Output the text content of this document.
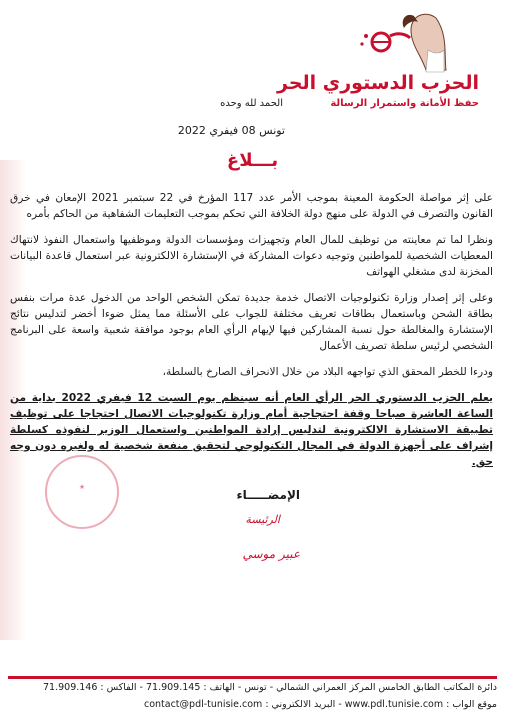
الحزب الدستوري الحر
حفظ الأمانة واستمرار الرسالة
الحمد لله وحده
تونس 08 فيفري 2022
بـــلاغ

على إثر مواصلة الحكومة المعينة بموجب الأمر عدد 117 المؤرخ في 22 سبتمبر 2021 الإمعان في خرق القانون والتصرف في الدولة على منهج دولة الخلافة التي تحكم بموجب التعليمات الشفاهية من الحاكم بأمره

ونظرا لما تم معاينته من توظيف للمال العام وتجهيزات ومؤسسات الدولة وموظفيها واستعمال النفوذ لانتهاك المعطيات الشخصية للمواطنين وتوجيه دعوات المشاركة في الإستشارة الالكترونية عبر استعمال قاعدة البيانات المخزنة لدى مشغلي الهواتف

وعلى إثر إصدار وزارة تكنولوجيات الاتصال خدمة جديدة تمكن الشخص الواحد من الدخول عدة مرات بنفس بطاقة الشحن وباستعمال بطاقات تعريف مختلفة للجواب على الأسئلة مما يمثل ضوءا أخضر لتدليس نتائج الإستشارة والمغالطة حول نسبة المشاركين فيها لإيهام الرأي العام بوجود موافقة شعبية واسعة على البرنامج الشخصي لرئيس سلطة تصريف الأعمال

ودرءا للخطر المحقق الذي تواجهه البلاد من خلال الانحراف الصارخ بالسلطة،

يعلم الحزب الدستوري الحر الرأي العام أنه سينظم يوم السبت 12 فيفري 2022 بداية من الساعة العاشرة صباحا وقفة احتجاجية أمام وزارة تكنولوجيات الاتصال احتجاجا على توظيف تطبيقة الاستشارة الالكترونية لتدليس إرادة المواطنين واستعمال الوزير لنفوذه كسلطة إشراف على أجهزة الدولة في المجال التكنولوجي لتحقيق منفعة شخصية له ولغيره دون وجه حق.

★
الإمضـــــاء
الرئيسة
عبير موسي
دائرة المكاتب الطابق الخامس المركز العمراني الشمالي - تونس - الهاتف : 71.909.145 - الفاكس : 71.909.146
موقع الواب : www.pdl.tunisie.com - البريد الالكتروني : contact@pdl-tunisie.com
